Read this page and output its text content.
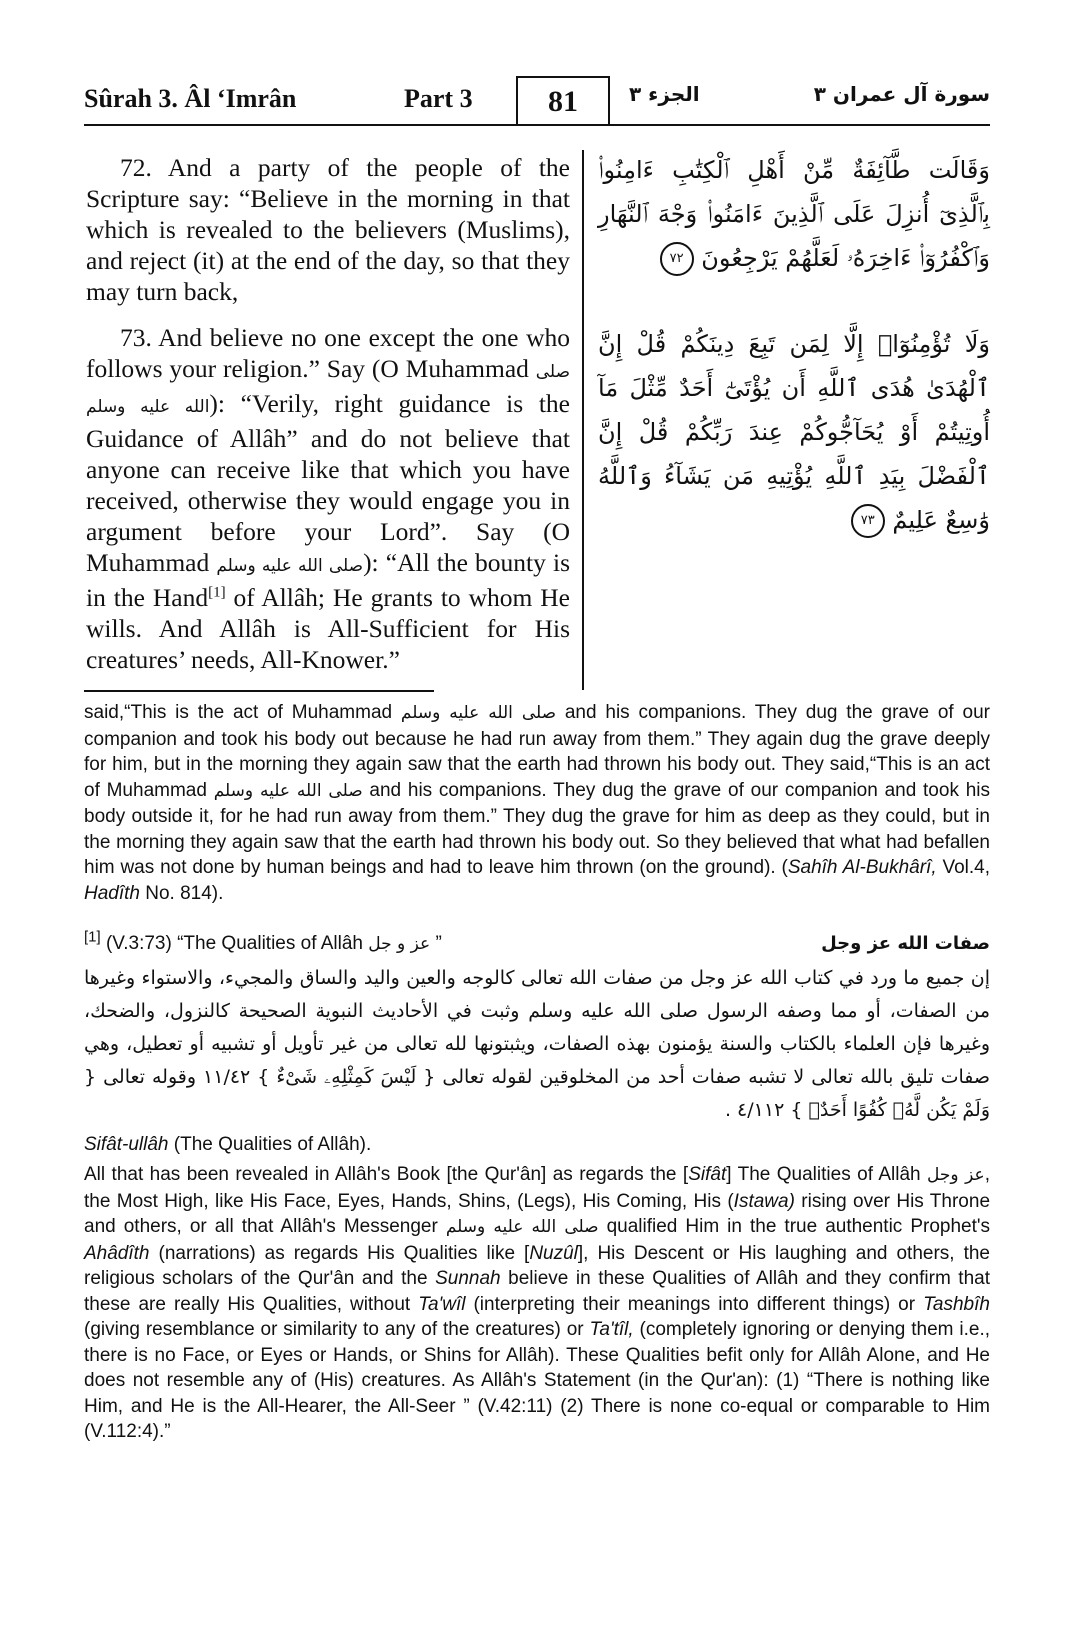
Sûrah 3. Âl ‘Imrân	Part 3	81	الجزء ٣	سورة آل عمران ٣

72. And a party of the people of the Scripture say: “Believe in the morning in that which is revealed to the believers (Muslims), and reject (it) at the end of the day, so that they may turn back,

وَقَالَت طَّآئِفَةٌ مِّنْ أَهْلِ ٱلْكِتَٰبِ ءَامِنُوا۟ بِٱلَّذِىٓ أُنزِلَ عَلَى ٱلَّذِينَ ءَامَنُوا۟ وَجْهَ ٱلنَّهَارِ وَٱكْفُرُوٓا۟ ءَاخِرَهُۥ لَعَلَّهُمْ يَرْجِعُونَ ٧٢

73. And believe no one except the one who follows your religion.” Say (O Muhammad صلى الله عليه وسلم): “Verily, right guidance is the Guidance of Allâh” and do not believe that anyone can receive like that which you have received, otherwise they would engage you in argument before your Lord”. Say (O Muhammad صلى الله عليه وسلم): “All the bounty is in the Hand[1] of Allâh; He grants to whom He wills. And Allâh is All-Sufficient for His creatures’ needs, All-Knower.”

وَلَا تُؤْمِنُوٓا۟ إِلَّا لِمَن تَبِعَ دِينَكُمْ قُلْ إِنَّ ٱلْهُدَىٰ هُدَى ٱللَّهِ أَن يُؤْتَىٰٓ أَحَدٌ مِّثْلَ مَآ أُوتِيتُمْ أَوْ يُحَآجُّوكُمْ عِندَ رَبِّكُمْ قُلْ إِنَّ ٱلْفَضْلَ بِيَدِ ٱللَّهِ يُؤْتِيهِ مَن يَشَآءُ وَٱللَّهُ وَٰسِعٌ عَلِيمٌ ٧٣

said,“This is the act of Muhammad صلى الله عليه وسلم and his companions. They dug the grave of our companion and took his body out because he had run away from them.” They again dug the grave deeply for him, but in the morning they again saw that the earth had thrown his body out. They said,“This is an act of Muhammad صلى الله عليه وسلم and his companions. They dug the grave of our companion and took his body outside it, for he had run away from them.” They dug the grave for him as deep as they could, but in the morning they again saw that the earth had thrown his body out. So they believed that what had befallen him was not done by human beings and had to leave him thrown (on the ground). (Sahîh Al-Bukhârî, Vol.4, Hadîth No. 814).

[1] (V.3:73) “The Qualities of Allâh عز و جل ”	صفات الله عز وجل
إن جميع ما ورد في كتاب الله عز وجل من صفات الله تعالى كالوجه والعين واليد والساق والمجيء، والاستواء وغيرها من الصفات، أو مما وصفه الرسول صلى الله عليه وسلم وثبت في الأحاديث النبوية الصحيحة كالنزول، والضحك، وغيرها فإن العلماء بالكتاب والسنة يؤمنون بهذه الصفات، ويثبتونها لله تعالى من غير تأويل أو تشبيه أو تعطيل، وهي صفات تليق بالله تعالى لا تشبه صفات أحد من المخلوقين لقوله تعالى { لَيْسَ كَمِثْلِهِۦ شَىْءٌ } ١١/٤٢ وقوله تعالى { وَلَمْ يَكُن لَّهُۥ كُفُوًا أَحَدٌۢ } ٤/١١٢ .

Sifât-ullâh (The Qualities of Allâh).

All that has been revealed in Allâh's Book [the Qur'ân] as regards the [Sifât] The Qualities of Allâh عز وجل, the Most High, like His Face, Eyes, Hands, Shins, (Legs), His Coming, His (Istawa) rising over His Throne and others, or all that Allâh's Messenger صلى الله عليه وسلم qualified Him in the true authentic Prophet's Ahâdîth (narrations) as regards His Qualities like [Nuzûl], His Descent or His laughing and others, the religious scholars of the Qur'ân and the Sunnah believe in these Qualities of Allâh and they confirm that these are really His Qualities, without Ta'wîl (interpreting their meanings into different things) or Tashbîh (giving resemblance or similarity to any of the creatures) or Ta'tîl, (completely ignoring or denying them i.e., there is no Face, or Eyes or Hands, or Shins for Allâh). These Qualities befit only for Allâh Alone, and He does not resemble any of (His) creatures. As Allâh's Statement (in the Qur'an): (1) “There is nothing like Him, and He is the All-Hearer, the All-Seer ” (V.42:11) (2) There is none co-equal or comparable to Him (V.112:4).”
